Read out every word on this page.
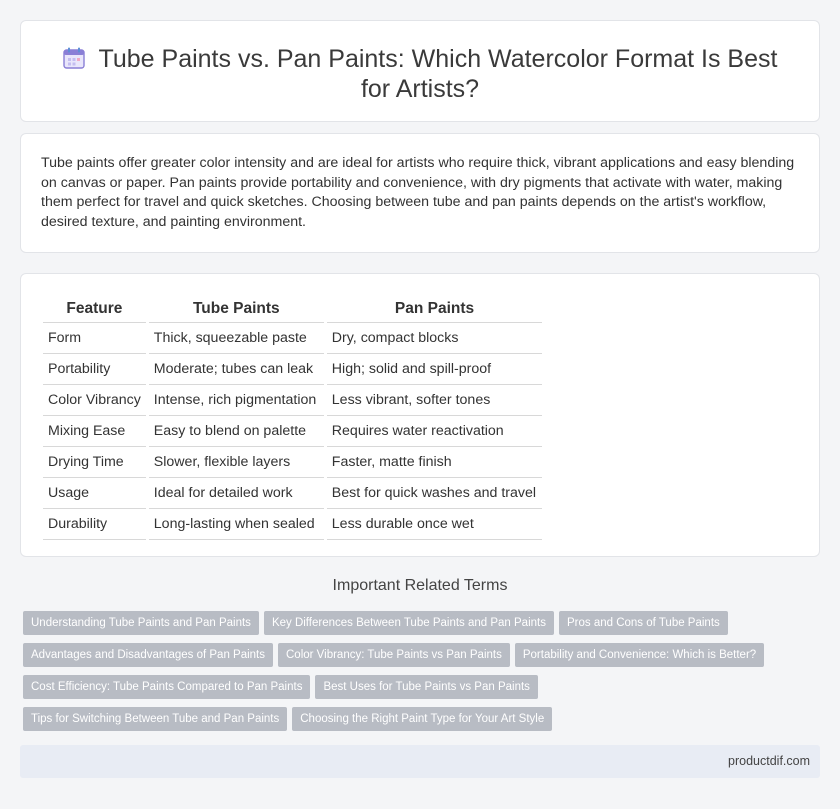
Tube Paints vs. Pan Paints: Which Watercolor Format Is Best for Artists?

Tube paints offer greater color intensity and are ideal for artists who require thick, vibrant applications and easy blending on canvas or paper. Pan paints provide portability and convenience, with dry pigments that activate with water, making them perfect for travel and quick sketches. Choosing between tube and pan paints depends on the artist's workflow, desired texture, and painting environment.

Feature	Tube Paints	Pan Paints
Form	Thick, squeezable paste	Dry, compact blocks
Portability	Moderate; tubes can leak	High; solid and spill-proof
Color Vibrancy	Intense, rich pigmentation	Less vibrant, softer tones
Mixing Ease	Easy to blend on palette	Requires water reactivation
Drying Time	Slower, flexible layers	Faster, matte finish
Usage	Ideal for detailed work	Best for quick washes and travel
Durability	Long-lasting when sealed	Less durable once wet
Important Related Terms
Understanding Tube Paints and Pan Paints Key Differences Between Tube Paints and Pan Paints Pros and Cons of Tube Paints
Advantages and Disadvantages of Pan Paints Color Vibrancy: Tube Paints vs Pan Paints Portability and Convenience: Which is Better?
Cost Efficiency: Tube Paints Compared to Pan Paints Best Uses for Tube Paints vs Pan Paints
Tips for Switching Between Tube and Pan Paints Choosing the Right Paint Type for Your Art Style
productdif.com
